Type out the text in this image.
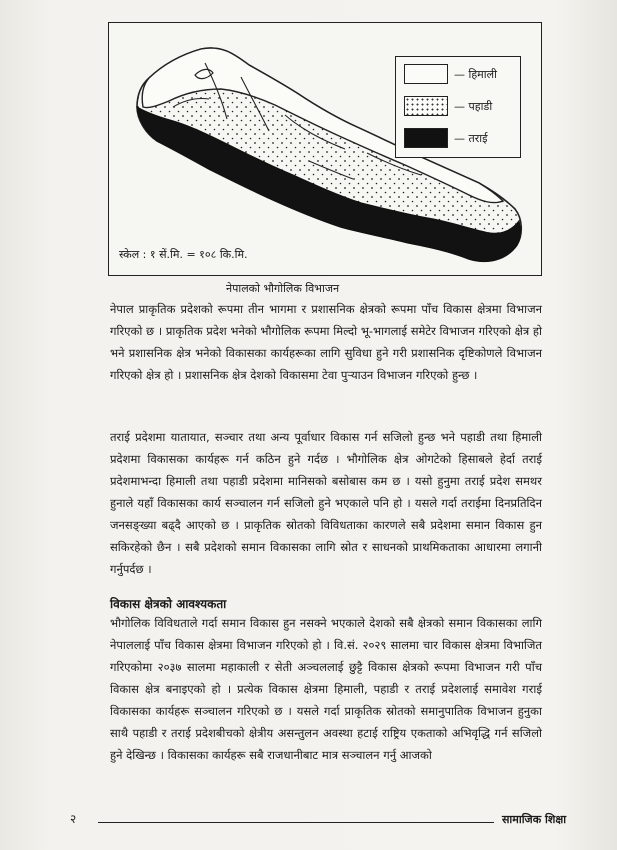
— हिमाली
— पहाडी
— तराई
स्केल : १ सें.मि. = १०८ कि.मि.
नेपालको भौगोलिक विभाजन

नेपाल प्राकृतिक प्रदेशको रूपमा तीन भागमा र प्रशासनिक क्षेत्रको रूपमा पाँच विकास क्षेत्रमा विभाजन गरिएको छ । प्राकृतिक प्रदेश भनेको भौगोलिक रूपमा मिल्दो भू-भागलाई समेटेर विभाजन गरिएको क्षेत्र हो भने प्रशासनिक क्षेत्र भनेको विकासका कार्यहरूका लागि सुविधा हुने गरी प्रशासनिक दृष्टिकोणले विभाजन गरिएको क्षेत्र हो । प्रशासनिक क्षेत्र देशको विकासमा टेवा पुऱ्याउन विभाजन गरिएको हुन्छ ।

तराई प्रदेशमा यातायात, सञ्चार तथा अन्य पूर्वाधार विकास गर्न सजिलो हुन्छ भने पहाडी तथा हिमाली प्रदेशमा विकासका कार्यहरू गर्न कठिन हुने गर्दछ । भौगोलिक क्षेत्र ओगटेको हिसाबले हेर्दा तराई प्रदेशमाभन्दा हिमाली तथा पहाडी प्रदेशमा मानिसको बसोबास कम छ । यसो हुनुमा तराई प्रदेश समथर हुनाले यहाँ विकासका कार्य सञ्चालन गर्न सजिलो हुने भएकाले पनि हो । यसले गर्दा तराईमा दिनप्रतिदिन जनसङ्ख्या बढ्दै आएको छ । प्राकृतिक स्रोतको विविधताका कारणले सबै प्रदेशमा समान विकास हुन सकिरहेको छैन । सबै प्रदेशको समान विकासका लागि स्रोत र साधनको प्राथमिकताका आधारमा लगानी गर्नुपर्दछ ।

विकास क्षेत्रको आवश्यकता

भौगोलिक विविधताले गर्दा समान विकास हुन नसक्ने भएकाले देशको सबै क्षेत्रको समान विकासका लागि नेपाललाई पाँच विकास क्षेत्रमा विभाजन गरिएको हो । वि.सं. २०२९ सालमा चार विकास क्षेत्रमा विभाजित गरिएकोमा २०३७ सालमा महाकाली र सेती अञ्चललाई छुट्टै विकास क्षेत्रको रूपमा विभाजन गरी पाँच विकास क्षेत्र बनाइएको हो । प्रत्येक विकास क्षेत्रमा हिमाली, पहाडी र तराई प्रदेशलाई समावेश गराई विकासका कार्यहरू सञ्चालन गरिएको छ । यसले गर्दा प्राकृतिक स्रोतको समानुपातिक विभाजन हुनुका साथै पहाडी र तराई प्रदेशबीचको क्षेत्रीय असन्तुलन अवस्था हटाई राष्ट्रिय एकताको अभिवृद्धि गर्न सजिलो हुने देखिन्छ । विकासका कार्यहरू सबै राजधानीबाट मात्र सञ्चालन गर्नु आजको

२	सामाजिक शिक्षा
